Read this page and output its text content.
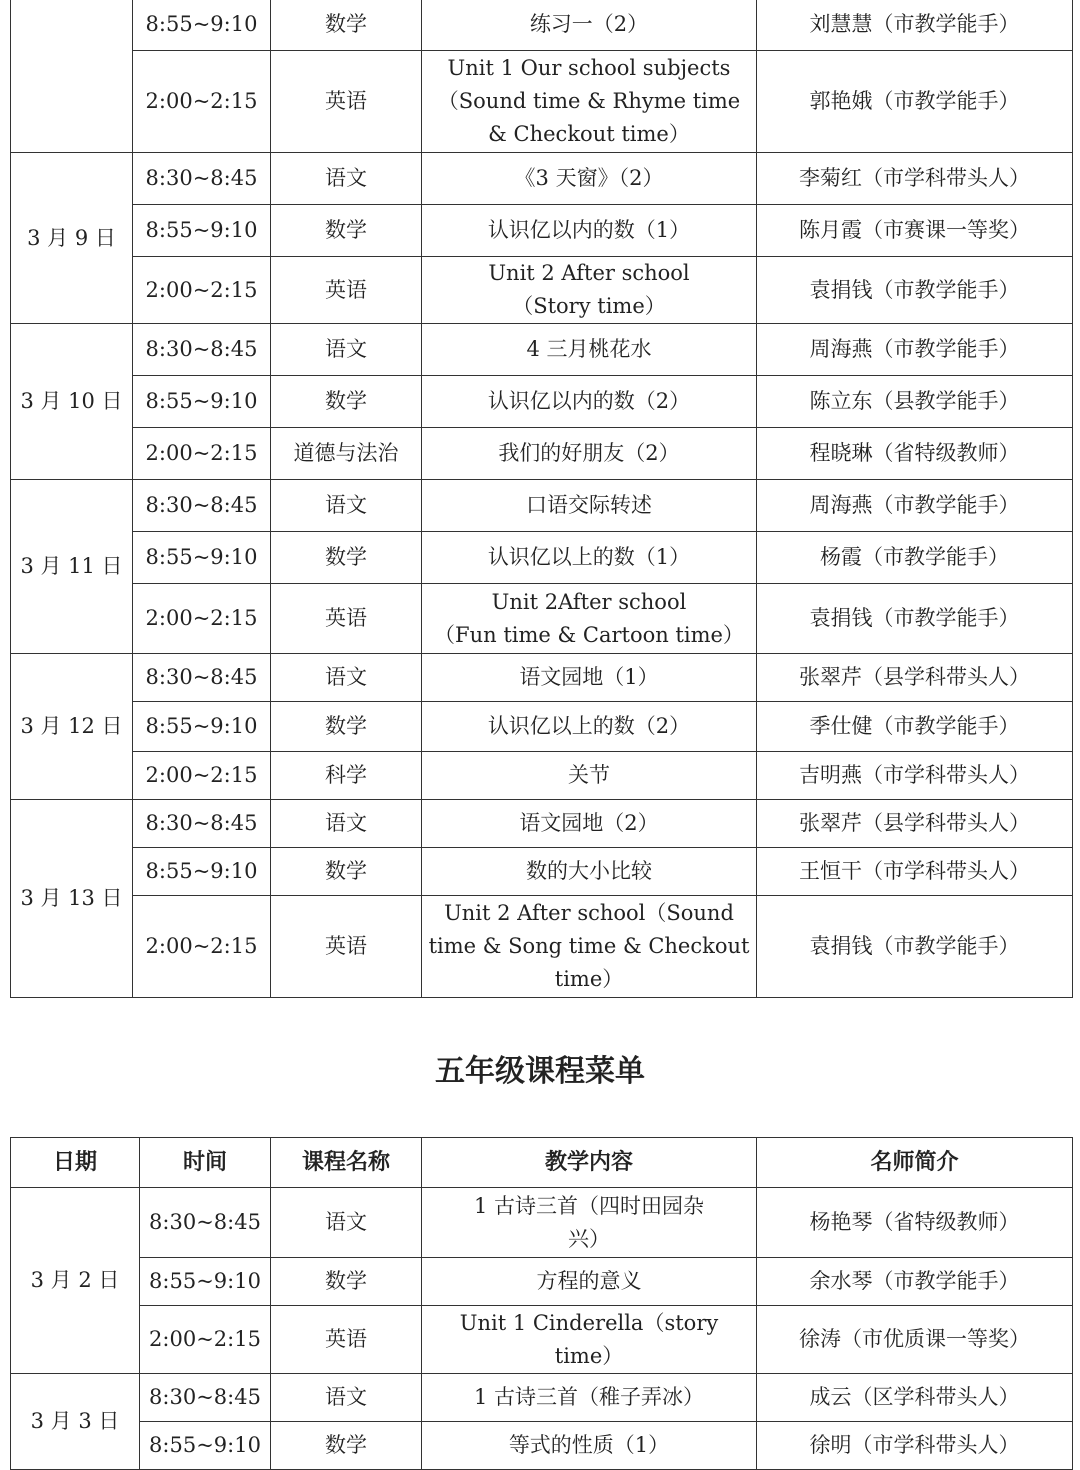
	8:55~9:10	数学	练习一（2）	刘慧慧（市教学能手）
	2:00~2:15	英语	Unit 1 Our school subjects
（Sound time & Rhyme time
& Checkout time）	郭艳娥（市教学能手）
3 月 9 日	8:30~8:45	语文	《3 天窗》（2）	李菊红（市学科带头人）
	8:55~9:10	数学	认识亿以内的数（1）	陈月霞（市赛课一等奖）
	2:00~2:15	英语	Unit 2 After school
（Story time）	袁捐钱（市教学能手）
3 月 10 日	8:30~8:45	语文	4 三月桃花水	周海燕（市教学能手）
	8:55~9:10	数学	认识亿以内的数（2）	陈立东（县教学能手）
	2:00~2:15	道德与法治	我们的好朋友（2）	程晓琳（省特级教师）
3 月 11 日	8:30~8:45	语文	口语交际转述	周海燕（市教学能手）
	8:55~9:10	数学	认识亿以上的数（1）	杨霞（市教学能手）
	2:00~2:15	英语	Unit 2After school
（Fun time & Cartoon time）	袁捐钱（市教学能手）
3 月 12 日	8:30~8:45	语文	语文园地（1）	张翠芹（县学科带头人）
	8:55~9:10	数学	认识亿以上的数（2）	季仕健（市教学能手）
	2:00~2:15	科学	关节	吉明燕（市学科带头人）
3 月 13 日	8:30~8:45	语文	语文园地（2）	张翠芹（县学科带头人）
	8:55~9:10	数学	数的大小比较	王恒干（市学科带头人）
	2:00~2:15	英语	Unit 2 After school（Sound
time & Song time & Checkout
time）	袁捐钱（市教学能手）
五年级课程菜单
日期	时间	课程名称	教学内容	名师简介
3 月 2 日	8:30~8:45	语文	1 古诗三首（四时田园杂
兴）	杨艳琴（省特级教师）
	8:55~9:10	数学	方程的意义	余水琴（市教学能手）
	2:00~2:15	英语	Unit 1 Cinderella（story
time）	徐涛（市优质课一等奖）
3 月 3 日	8:30~8:45	语文	1 古诗三首（稚子弄冰）	成云（区学科带头人）
	8:55~9:10	数学	等式的性质（1）	徐明（市学科带头人）
